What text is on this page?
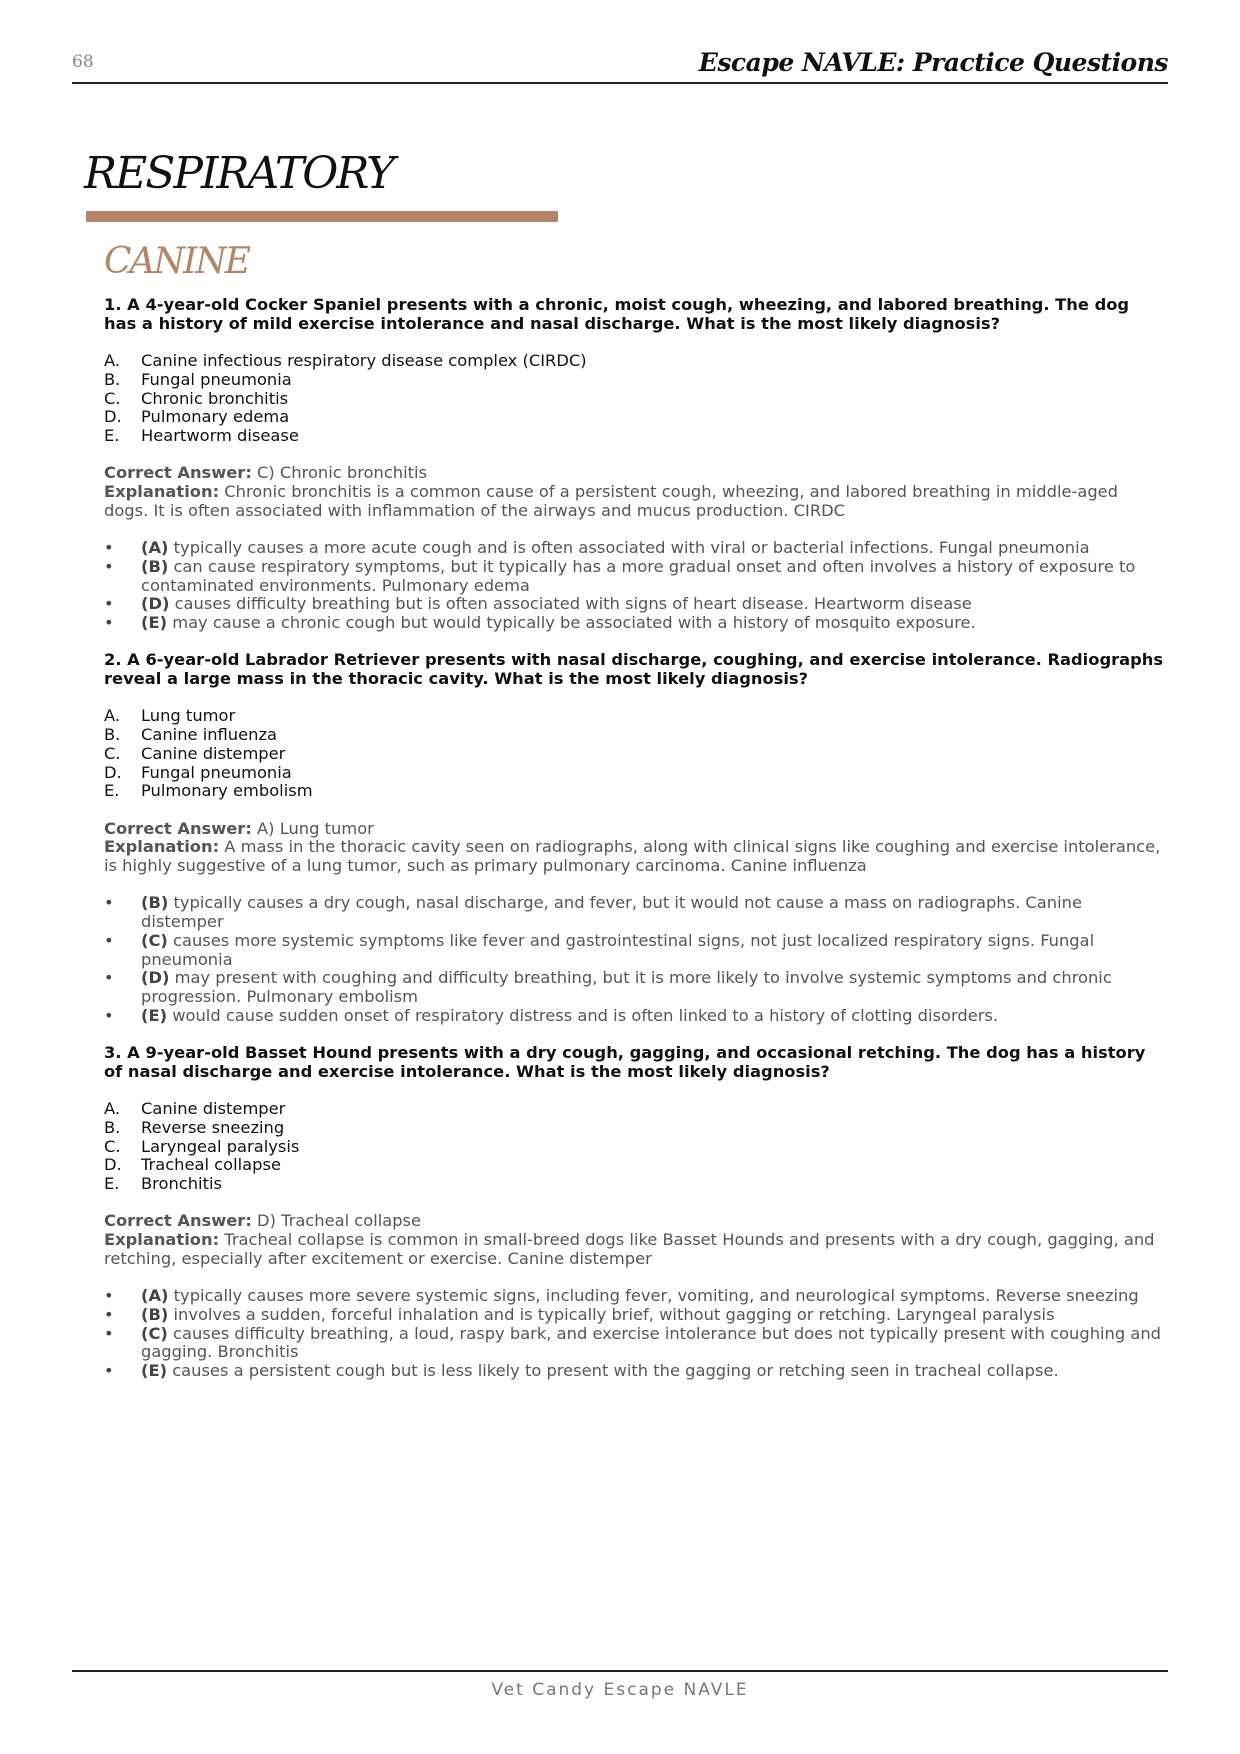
68	Escape NAVLE: Practice Questions
RESPIRATORY
CANINE

1. A 4-year-old Cocker Spaniel presents with a chronic, moist cough, wheezing, and labored breathing. The dog has a history of mild exercise intolerance and nasal discharge. What is the most likely diagnosis?

A. Canine infectious respiratory disease complex (CIRDC)
B. Fungal pneumonia
C. Chronic bronchitis
D. Pulmonary edema
E. Heartworm disease

Correct Answer: C) Chronic bronchitis

Explanation: Chronic bronchitis is a common cause of a persistent cough, wheezing, and labored breathing in middle-aged dogs. It is often associated with inflammation of the airways and mucus production. CIRDC

• (A) typically causes a more acute cough and is often associated with viral or bacterial infections. Fungal pneumonia
• (B) can cause respiratory symptoms, but it typically has a more gradual onset and often involves a history of exposure to contaminated environments. Pulmonary edema
• (D) causes difficulty breathing but is often associated with signs of heart disease. Heartworm disease
• (E) may cause a chronic cough but would typically be associated with a history of mosquito exposure.

2. A 6-year-old Labrador Retriever presents with nasal discharge, coughing, and exercise intolerance. Radiographs reveal a large mass in the thoracic cavity. What is the most likely diagnosis?

A. Lung tumor
B. Canine influenza
C. Canine distemper
D. Fungal pneumonia
E. Pulmonary embolism

Correct Answer: A) Lung tumor

Explanation: A mass in the thoracic cavity seen on radiographs, along with clinical signs like coughing and exercise intolerance, is highly suggestive of a lung tumor, such as primary pulmonary carcinoma. Canine influenza

• (B) typically causes a dry cough, nasal discharge, and fever, but it would not cause a mass on radiographs. Canine distemper
• (C) causes more systemic symptoms like fever and gastrointestinal signs, not just localized respiratory signs. Fungal pneumonia
• (D) may present with coughing and difficulty breathing, but it is more likely to involve systemic symptoms and chronic progression. Pulmonary embolism
• (E) would cause sudden onset of respiratory distress and is often linked to a history of clotting disorders.

3. A 9-year-old Basset Hound presents with a dry cough, gagging, and occasional retching. The dog has a history of nasal discharge and exercise intolerance. What is the most likely diagnosis?

A. Canine distemper
B. Reverse sneezing
C. Laryngeal paralysis
D. Tracheal collapse
E. Bronchitis

Correct Answer: D) Tracheal collapse

Explanation: Tracheal collapse is common in small-breed dogs like Basset Hounds and presents with a dry cough, gagging, and retching, especially after excitement or exercise. Canine distemper

• (A) typically causes more severe systemic signs, including fever, vomiting, and neurological symptoms. Reverse sneezing
• (B) involves a sudden, forceful inhalation and is typically brief, without gagging or retching. Laryngeal paralysis
• (C) causes difficulty breathing, a loud, raspy bark, and exercise intolerance but does not typically present with coughing and gagging. Bronchitis
• (E) causes a persistent cough but is less likely to present with the gagging or retching seen in tracheal collapse.
Vet Candy Escape NAVLE
